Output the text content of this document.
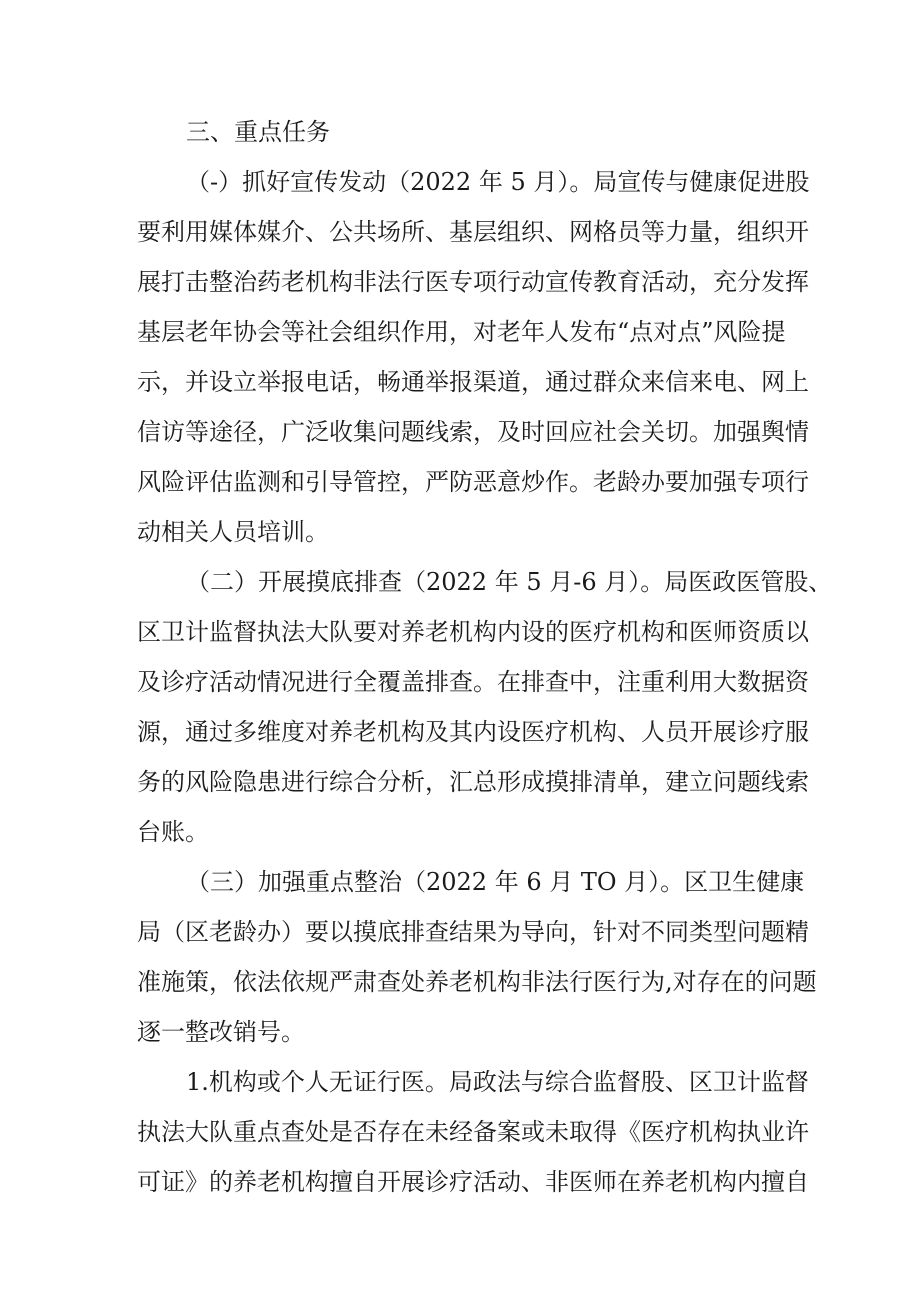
三、重点任务
（-）抓好宣传发动（2022 年 5 月）。局宣传与健康促进股
要利用媒体媒介、公共场所、基层组织、网格员等力量，组织开
展打击整治药老机构非法行医专项行动宣传教育活动，充分发挥
基层老年协会等社会组织作用，对老年人发布“点对点”风险提
示，并设立举报电话，畅通举报渠道，通过群众来信来电、网上
信访等途径，广泛收集问题线索，及时回应社会关切。加强舆情
风险评估监测和引导管控，严防恶意炒作。老龄办要加强专项行
动相关人员培训。
（二）开展摸底排查（2022 年 5 月-6 月）。局医政医管股、
区卫计监督执法大队要对养老机构内设的医疗机构和医师资质以
及诊疗活动情况进行全覆盖排查。在排查中，注重利用大数据资
源，通过多维度对养老机构及其内设医疗机构、人员开展诊疗服
务的风险隐患进行综合分析，汇总形成摸排清单，建立问题线索
台账。
（三）加强重点整治（2022 年 6 月 TO 月）。区卫生健康
局（区老龄办）要以摸底排查结果为导向，针对不同类型问题精
准施策，依法依规严肃查处养老机构非法行医行为,对存在的问题
逐一整改销号。
1.机构或个人无证行医。局政法与综合监督股、区卫计监督
执法大队重点查处是否存在未经备案或未取得《医疗机构执业许
可证》的养老机构擅自开展诊疗活动、非医师在养老机构内擅自
